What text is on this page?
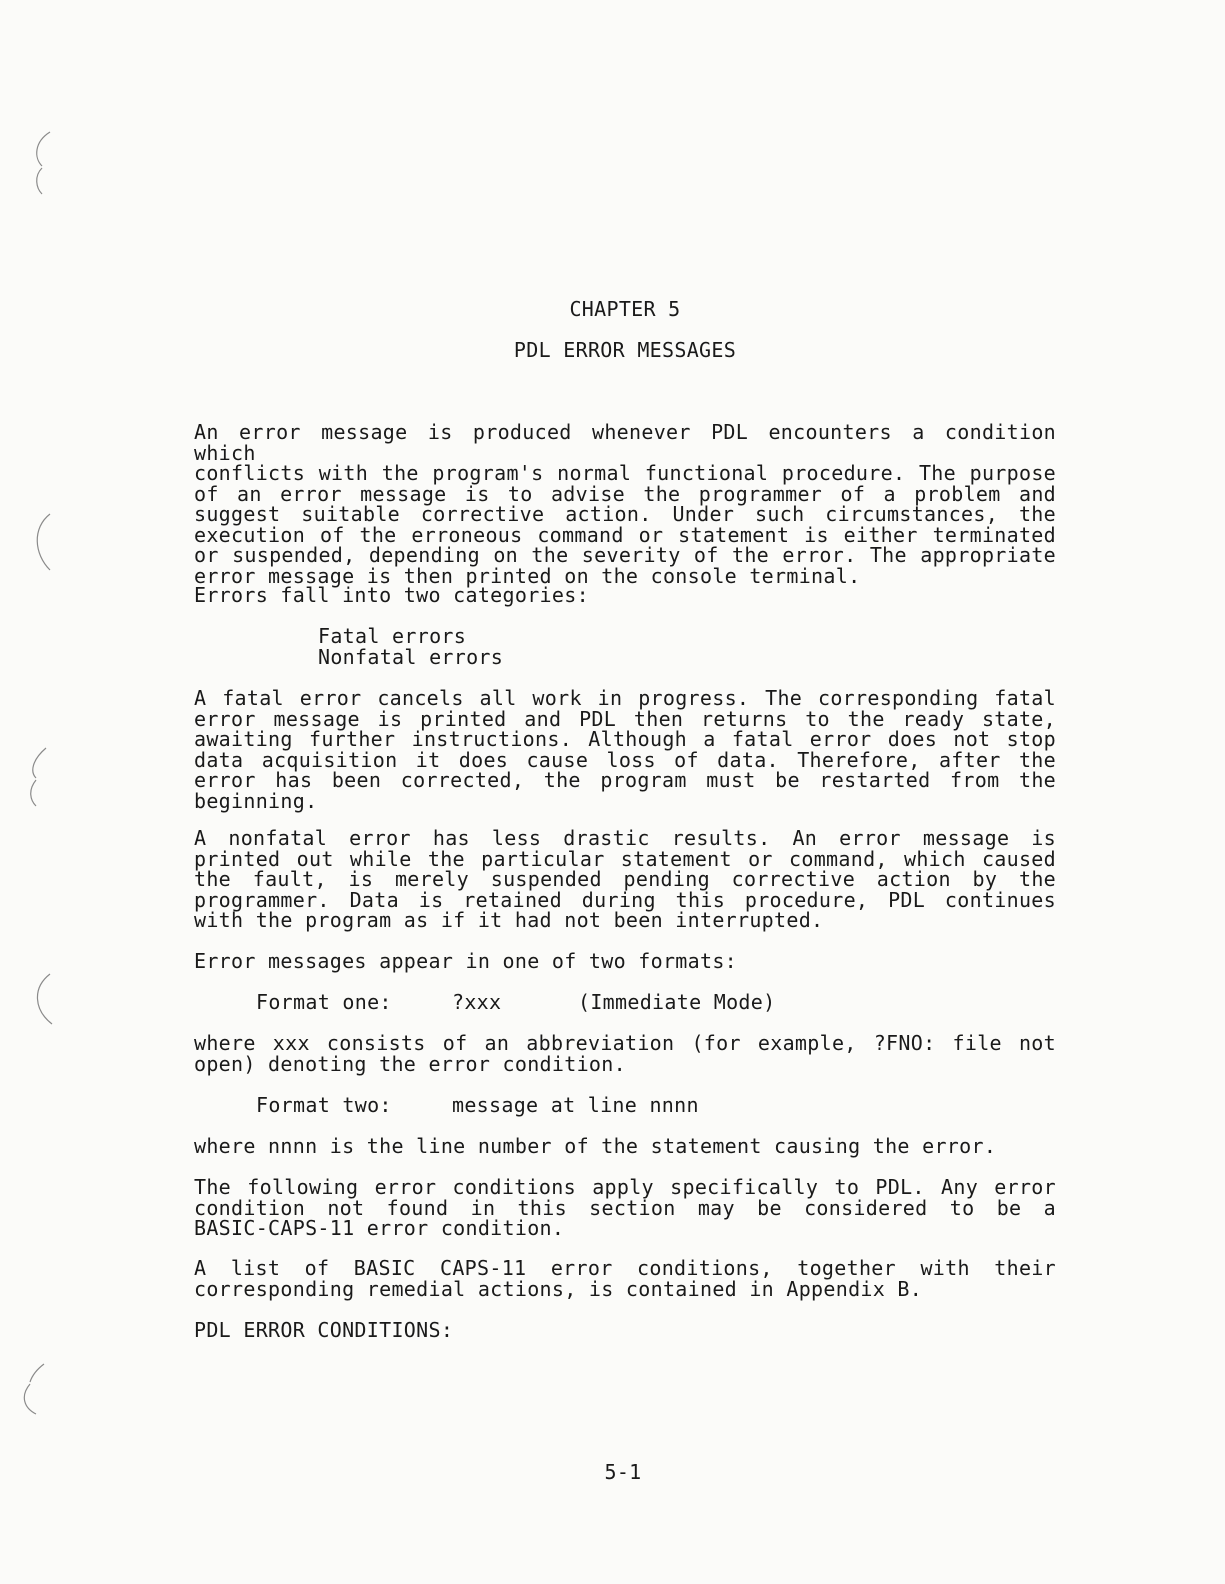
CHAPTER 5
PDL ERROR MESSAGES
An error message is produced whenever PDL encounters a condition which
conflicts with the program's normal functional procedure. The purpose
of an error message is to advise the programmer of a problem and
suggest suitable corrective action. Under such circumstances, the
execution of the erroneous command or statement is either terminated
or suspended, depending on the severity of the error. The appropriate
error message is then printed on the console terminal.
Errors fall into two categories:
Fatal errors
Nonfatal errors
A fatal error cancels all work in progress. The corresponding fatal
error message is printed and PDL then returns to the ready state,
awaiting further instructions. Although a fatal error does not stop
data acquisition it does cause loss of data. Therefore, after the
error has been corrected, the program must be restarted from the
beginning.
A nonfatal error has less drastic results. An error message is
printed out while the particular statement or command, which caused
the fault, is merely suspended pending corrective action by the
programmer. Data is retained during this procedure, PDL continues
with the program as if it had not been interrupted.
Error messages appear in one of two formats:
Format one:	?xxx	(Immediate Mode)
where xxx consists of an abbreviation (for example, ?FNO: file not
open) denoting the error condition.
Format two:	message at line nnnn
where nnnn is the line number of the statement causing the error.
The following error conditions apply specifically to PDL. Any error
condition not found in this section may be considered to be a
BASIC-CAPS-11 error condition.
A list of BASIC CAPS-11 error conditions, together with their
corresponding remedial actions, is contained in Appendix B.
PDL ERROR CONDITIONS:
5-1
